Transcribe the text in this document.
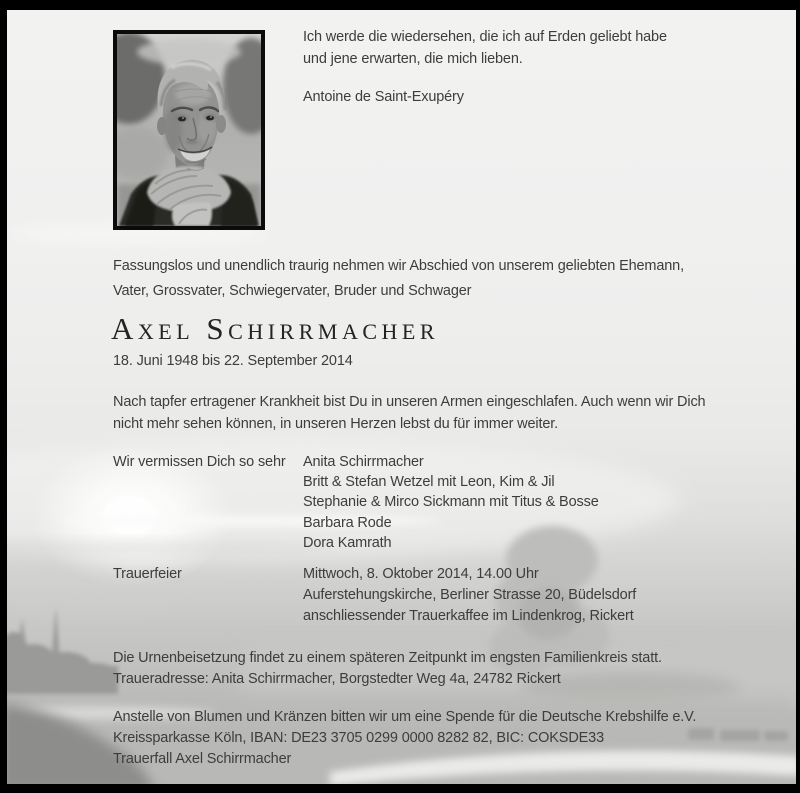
Ich werde die wiedersehen, die ich auf Erden geliebt habe
und jene erwarten, die mich lieben.
Antoine de Saint-Exupéry
Fassungslos und unendlich traurig nehmen wir Abschied von unserem geliebten Ehemann,
Vater, Grossvater, Schwiegervater, Bruder und Schwager
Axel Schirrmacher
18. Juni 1948 bis 22. September 2014
Nach tapfer ertragener Krankheit bist Du in unseren Armen eingeschlafen. Auch wenn wir Dich
nicht mehr sehen können, in unseren Herzen lebst du für immer weiter.
Wir vermissen Dich so sehr Anita Schirrmacher
Britt & Stefan Wetzel mit Leon, Kim & Jil
Stephanie & Mirco Sickmann mit Titus & Bosse
Barbara Rode
Dora Kamrath
Trauerfeier	Mittwoch, 8. Oktober 2014, 14.00 Uhr
Auferstehungskirche, Berliner Strasse 20, Büdelsdorf
anschliessender Trauerkaffee im Lindenkrog, Rickert
Die Urnenbeisetzung findet zu einem späteren Zeitpunkt im engsten Familienkreis statt.
Traueradresse: Anita Schirrmacher, Borgstedter Weg 4a, 24782 Rickert
Anstelle von Blumen und Kränzen bitten wir um eine Spende für die Deutsche Krebshilfe e.V.
Kreissparkasse Köln, IBAN: DE23 3705 0299 0000 8282 82, BIC: COKSDE33
Trauerfall Axel Schirrmacher
